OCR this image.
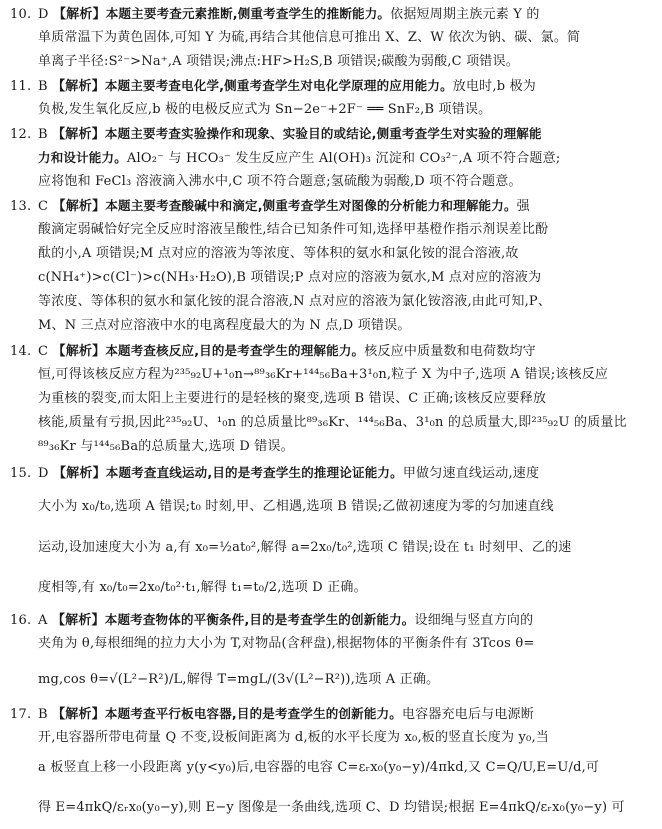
10. D 【解析】本题主要考查元素推断,侧重考查学生的推断能力。依据短周期主族元素 Y 的
单质常温下为黄色固体,可知 Y 为硫,再结合其他信息可推出 X、Z、W 依次为钠、碳、氯。简
单离子半径:S²⁻>Na⁺,A 项错误;沸点:HF>H₂S,B 项错误;碳酸为弱酸,C 项错误。
11. B 【解析】本题主要考查电化学,侧重考查学生对电化学原理的应用能力。放电时,b 极为
负极,发生氧化反应,b 极的电极反应式为 Sn−2e⁻+2F⁻ ══ SnF₂,B 项错误。
12. B 【解析】本题主要考查实验操作和现象、实验目的或结论,侧重考查学生对实验的理解能
力和设计能力。AlO₂⁻ 与 HCO₃⁻ 发生反应产生 Al(OH)₃ 沉淀和 CO₃²⁻,A 项不符合题意;
应将饱和 FeCl₃ 溶液滴入沸水中,C 项不符合题意;氢硫酸为弱酸,D 项不符合题意。
13. C 【解析】本题主要考查酸碱中和滴定,侧重考查学生对图像的分析能力和理解能力。强
酸滴定弱碱恰好完全反应时溶液呈酸性,结合已知条件可知,选择甲基橙作指示剂误差比酚
酞的小,A 项错误;M 点对应的溶液为等浓度、等体积的氨水和氯化铵的混合溶液,故
c(NH₄⁺)>c(Cl⁻)>c(NH₃·H₂O),B 项错误;P 点对应的溶液为氨水,M 点对应的溶液为
等浓度、等体积的氨水和氯化铵的混合溶液,N 点对应的溶液为氯化铵溶液,由此可知,P、
M、N 三点对应溶液中水的电离程度最大的为 N 点,D 项错误。
14. C 【解析】本题考查核反应,目的是考查学生的理解能力。核反应中质量数和电荷数均守
恒,可得该核反应方程为²³⁵₉₂U+¹₀n→⁸⁹₃₆Kr+¹⁴⁴₅₆Ba+3¹₀n,粒子 X 为中子,选项 A 错误;该核反应
为重核的裂变,而太阳上主要进行的是轻核的聚变,选项 B 错误、C 正确;该核反应要释放
核能,质量有亏损,因此²³⁵₉₂U、¹₀n 的总质量比⁸⁹₃₆Kr、¹⁴⁴₅₆Ba、3¹₀n 的总质量大,即²³⁵₉₂U 的质量比
⁸⁹₃₆Kr 与¹⁴⁴₅₆Ba的总质量大,选项 D 错误。
15. D 【解析】本题考查直线运动,目的是考查学生的推理论证能力。甲做匀速直线运动,速度
大小为 x₀/t₀,选项 A 错误;t₀ 时刻,甲、乙相遇,选项 B 错误;乙做初速度为零的匀加速直线
运动,设加速度大小为 a,有 x₀=½at₀²,解得 a=2x₀/t₀²,选项 C 错误;设在 t₁ 时刻甲、乙的速
度相等,有 x₀/t₀=2x₀/t₀²·t₁,解得 t₁=t₀/2,选项 D 正确。
16. A 【解析】本题考查物体的平衡条件,目的是考查学生的创新能力。设细绳与竖直方向的
夹角为 θ,每根细绳的拉力大小为 T,对物品(含秤盘),根据物体的平衡条件有 3Tcos θ=
mg,cos θ=√(L²−R²)/L,解得 T=mgL/(3√(L²−R²)),选项 A 正确。
17. B 【解析】本题考查平行板电容器,目的是考查学生的创新能力。电容器充电后与电源断
开,电容器所带电荷量 Q 不变,设板间距离为 d,板的水平长度为 x₀,板的竖直长度为 y₀,当
a 板竖直上移一小段距离 y(y<y₀)后,电容器的电容 C=εᵣx₀(y₀−y)/4πkd,又 C=Q/U,E=U/d,可
得 E=4πkQ/εᵣx₀(y₀−y),则 E−y 图像是一条曲线,选项 C、D 均错误;根据 E=4πkQ/εᵣx₀(y₀−y) 可
